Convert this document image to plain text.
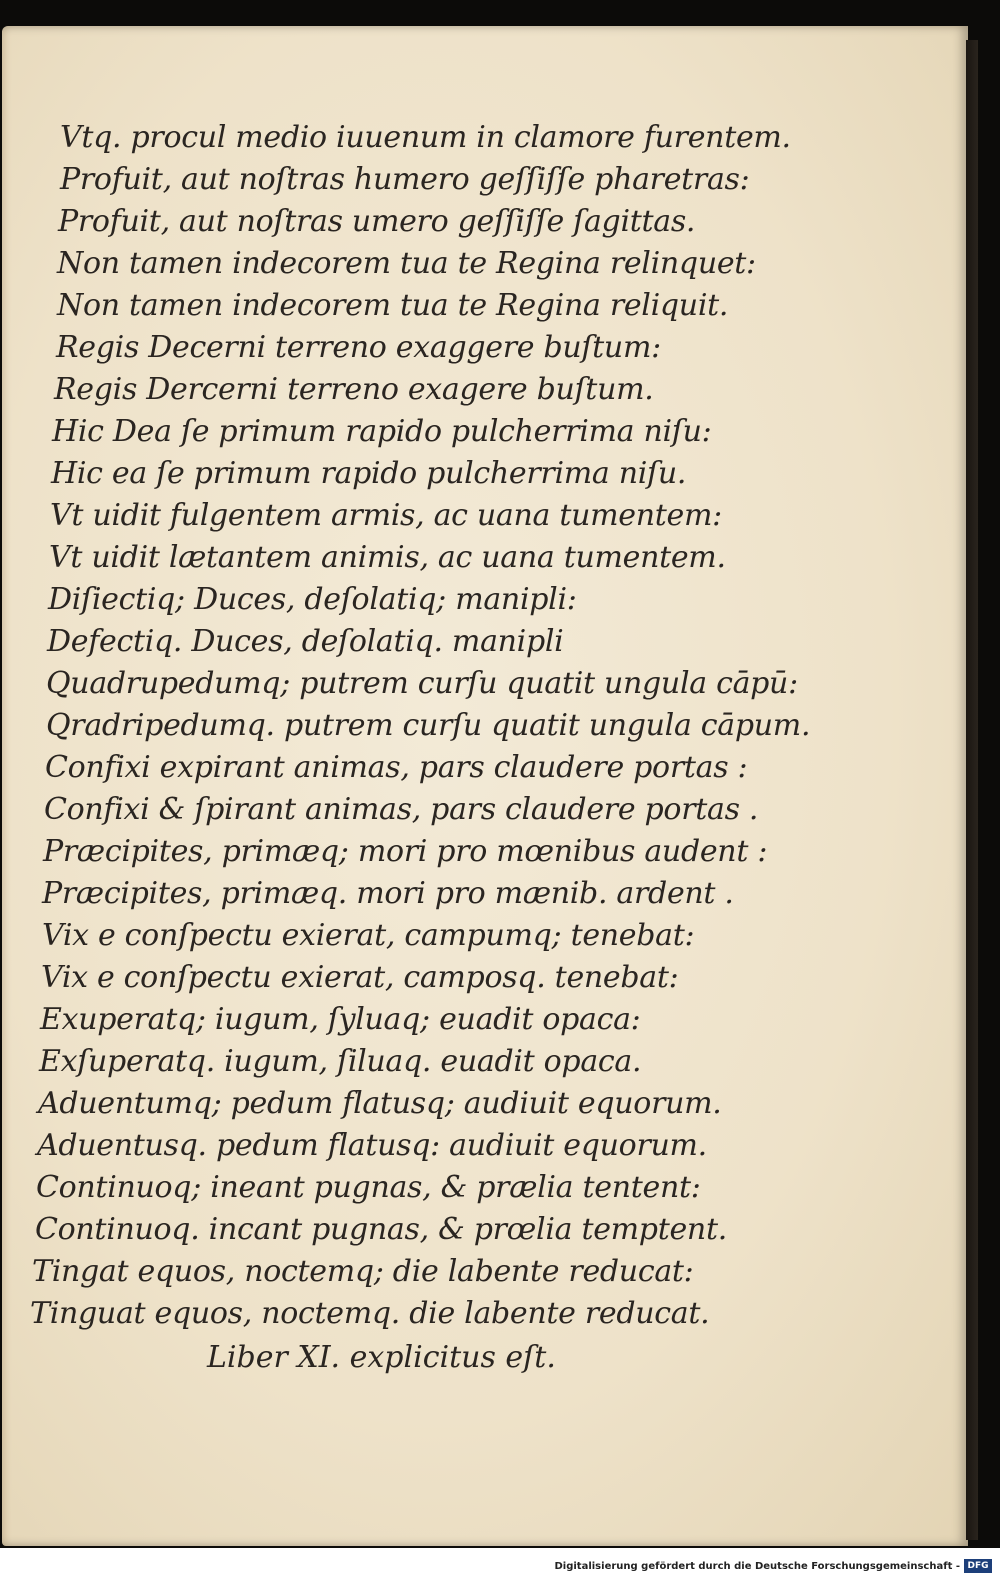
Vtq. procul medio iuuenum in clamore furentem.
Profuit, aut noſtras humero geſſiſſe pharetras:
Profuit, aut noſtras umero geſſiſſe ſagittas.
Non tamen indecorem tua te Regina relinquet:
Non tamen indecorem tua te Regina reliquit.
Regis Decerni terreno exaggere buſtum:
Regis Dercerni terreno exagere buſtum.
Hic Dea ſe primum rapido pulcherrima niſu:
Hic ea ſe primum rapido pulcherrima niſu.
Vt uidit fulgentem armis, ac uana tumentem:
Vt uidit lætantem animis, ac uana tumentem.
Diſiectiq; Duces, deſolatiq; manipli:
Defectiq. Duces, deſolatiq. manipli
Quadrupedumq; putrem curſu quatit ungula cāpū:
Qradripedumq. putrem curſu quatit ungula cāpum.
Confixi expirant animas, pars claudere portas :
Confixi & ſpirant animas, pars claudere portas .
Præcipites, primæq; mori pro mœnibus audent :
Præcipites, primæq. mori pro mænib. ardent .
Vix e conſpectu exierat, campumq; tenebat:
Vix e conſpectu exierat, camposq. tenebat:
Exuperatq; iugum, ſyluaq; euadit opaca:
Exſuperatq. iugum, ſiluaq. euadit opaca.
Aduentumq; pedum flatusq; audiuit equorum.
Aduentusq. pedum flatusq: audiuit equorum.
Continuoq; ineant pugnas, & prælia tentent:
Continuoq. incant pugnas, & prœlia temptent.
Tingat equos, noctemq; die labente reducat:
Tinguat equos, noctemq. die labente reducat.
Liber XI. explicitus eſt.
Digitalisierung gefördert durch die Deutsche Forschungsgemeinschaft - DFG
